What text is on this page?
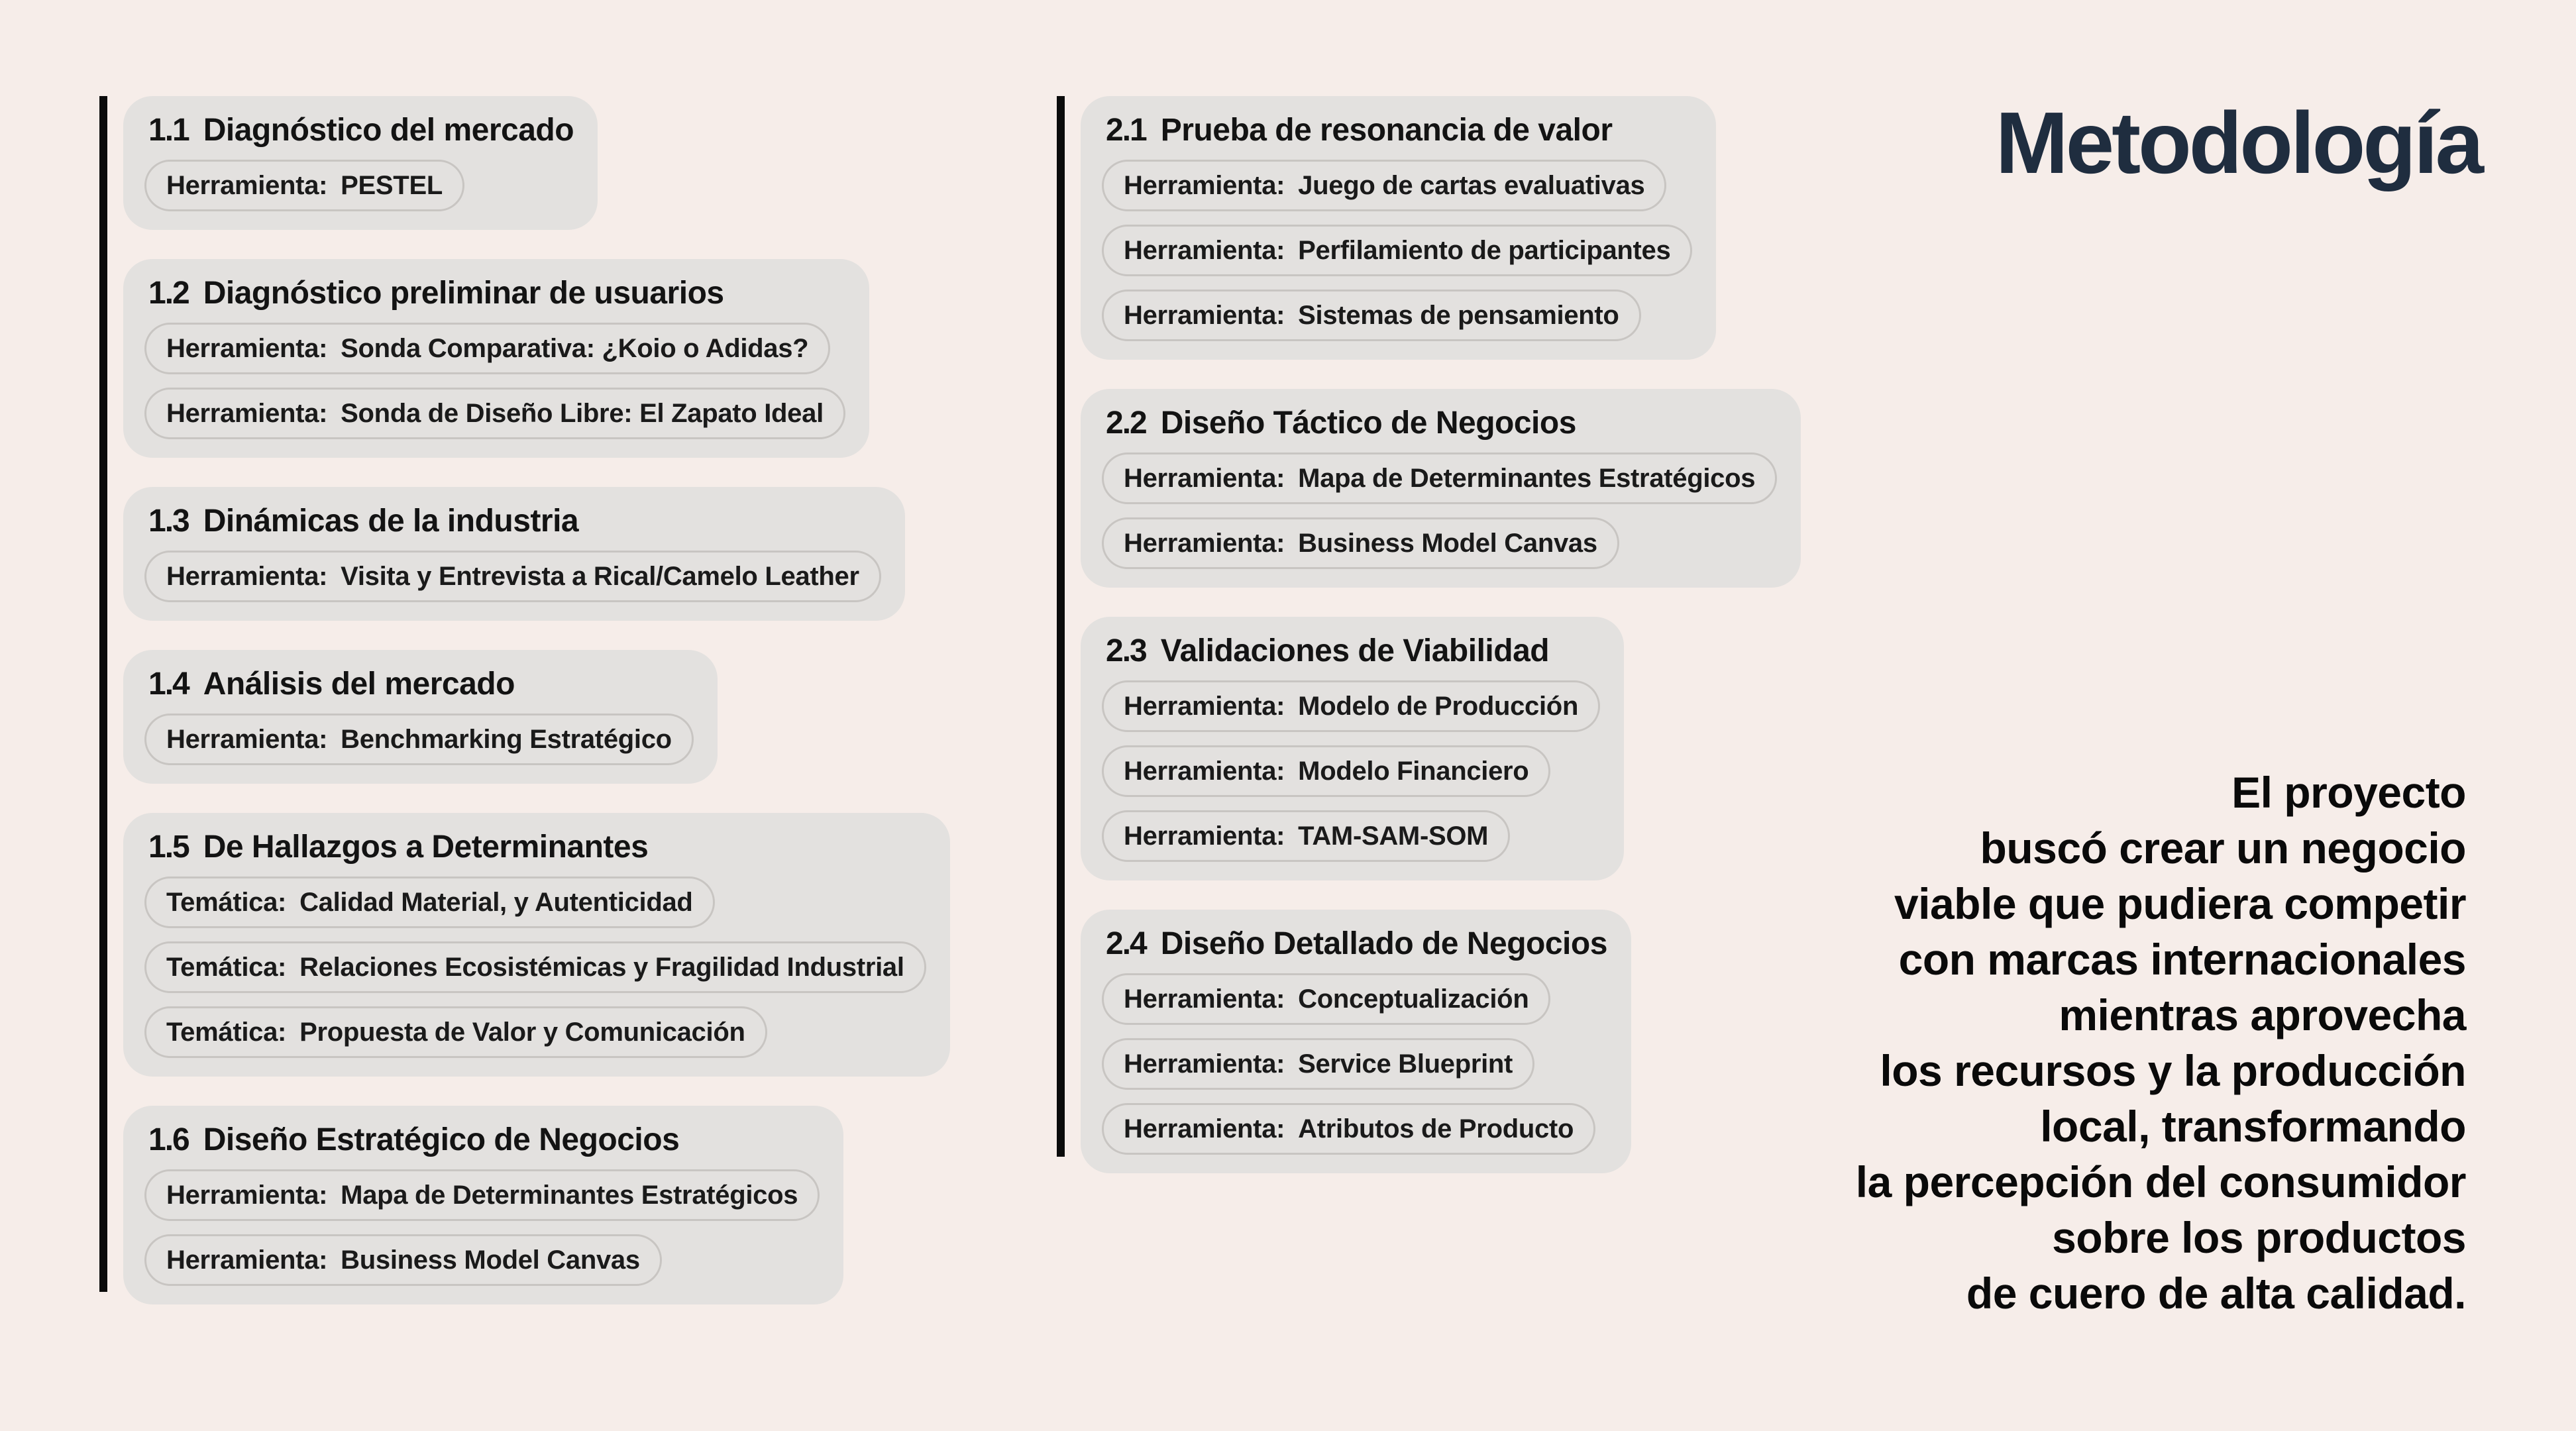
1.1 Diagnóstico del mercado
Herramienta: PESTEL
1.2 Diagnóstico preliminar de usuarios
Herramienta: Sonda Comparativa: ¿Koio o Adidas?
Herramienta: Sonda de Diseño Libre: El Zapato Ideal
1.3 Dinámicas de la industria
Herramienta: Visita y Entrevista a Rical/Camelo Leather
1.4 Análisis del mercado
Herramienta: Benchmarking Estratégico
1.5 De Hallazgos a Determinantes
Temática: Calidad Material, y Autenticidad
Temática: Relaciones Ecosistémicas y Fragilidad Industrial
Temática: Propuesta de Valor y Comunicación
1.6 Diseño Estratégico de Negocios
Herramienta: Mapa de Determinantes Estratégicos
Herramienta: Business Model Canvas
2.1 Prueba de resonancia de valor
Herramienta: Juego de cartas evaluativas
Herramienta: Perfilamiento de participantes
Herramienta: Sistemas de pensamiento
2.2 Diseño Táctico de Negocios
Herramienta: Mapa de Determinantes Estratégicos
Herramienta: Business Model Canvas
2.3 Validaciones de Viabilidad
Herramienta: Modelo de Producción
Herramienta: Modelo Financiero
Herramienta: TAM-SAM-SOM
2.4 Diseño Detallado de Negocios
Herramienta: Conceptualización
Herramienta: Service Blueprint
Herramienta: Atributos de Producto
Metodología
El proyecto
buscó crear un negocio
viable que pudiera competir
con marcas internacionales
mientras aprovecha
los recursos y la producción
local, transformando
la percepción del consumidor
sobre los productos
de cuero de alta calidad.
